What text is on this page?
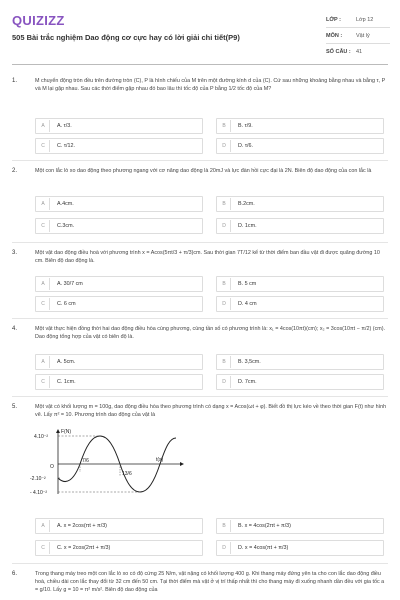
QUIZIZZ
505 Bài trắc nghiệm Dao động cơ cực hay có lời giải chi tiết(P9)
LỚP :	Lớp 12
MÔN :	Vật lý
SỐ CÂU : 41
1.	M chuyển động tròn đều trên đường tròn (C), P là hình chiếu của M trên một đường kính d của (C). Cứ sau những khoảng bằng nhau và bằng τ, P và M lại gặp nhau. Sau các thời điểm gặp nhau đó bao lâu thì tốc độ của P bằng 1/2 tốc độ của M?
A	A. τ/3.	B	B. τ/9.
C	C. τ/12.	D	D. τ/6.
2.	Một con lắc lò xo dao động theo phương ngang với cơ năng dao động là 20mJ và lực đàn hồi cực đại là 2N. Biên độ dao động của con lắc là
A	A.4cm.	B	B.2cm.
C	C.3cm.	D	D. 1cm.
3.	Một vật dao động điều hoà với phương trình x = Acos(5πt/3 + π/3)cm. Sau thời gian 7T/12 kể từ thời điểm ban đầu vật đi được quãng đường 10 cm. Biên độ dao động là.
A	A. 30/7 cm	B	B. 5 cm
C	C. 6 cm	D	D. 4 cm
4.	Một vật thực hiện đồng thời hai dao động điều hòa cùng phương, cùng tần số có phương trình là: x₁ = 4cos(10πt)(cm); x₂ = 3cos(10πt − π/2) (cm). Dao động tổng hợp của vật có biên độ là.
A	A. 5cm.	B	B. 3,5cm.
C	C. 1cm.	D	D. 7cm.
5.	Một vật có khối lượng m = 100g, dao động điều hòa theo phương trình có dạng x = Acos(ωt + φ). Biết đồ thị lực kéo về theo thời gian F(t) như hình vẽ. Lấy π² = 10. Phương trình dao động của vật là
F(N)
t(s)
O
4.10⁻²
-2.10⁻²
- 4.10⁻²
7/6
13/6
A	A. x = 2cos(πt + π/3)	B	B. x = 4cos(2πt + π/3)
C	C. x = 2cos(2πt + π/3)	D	D. x = 4cos(πt + π/3)
6.	Trong thang máy treo một con lắc lò xo có độ cứng 25 N/m, vật nặng có khối lượng 400 g. Khi thang máy đứng yên ta cho con lắc dao động điều hoà, chiều dài con lắc thay đổi từ 32 cm đến 50 cm. Tại thời điểm mà vật ở vị trí thấp nhất thì cho thang máy đi xuống nhanh dần đều với gia tốc a = g/10. Lấy g = 10 = π² m/s². Biên độ dao động của
